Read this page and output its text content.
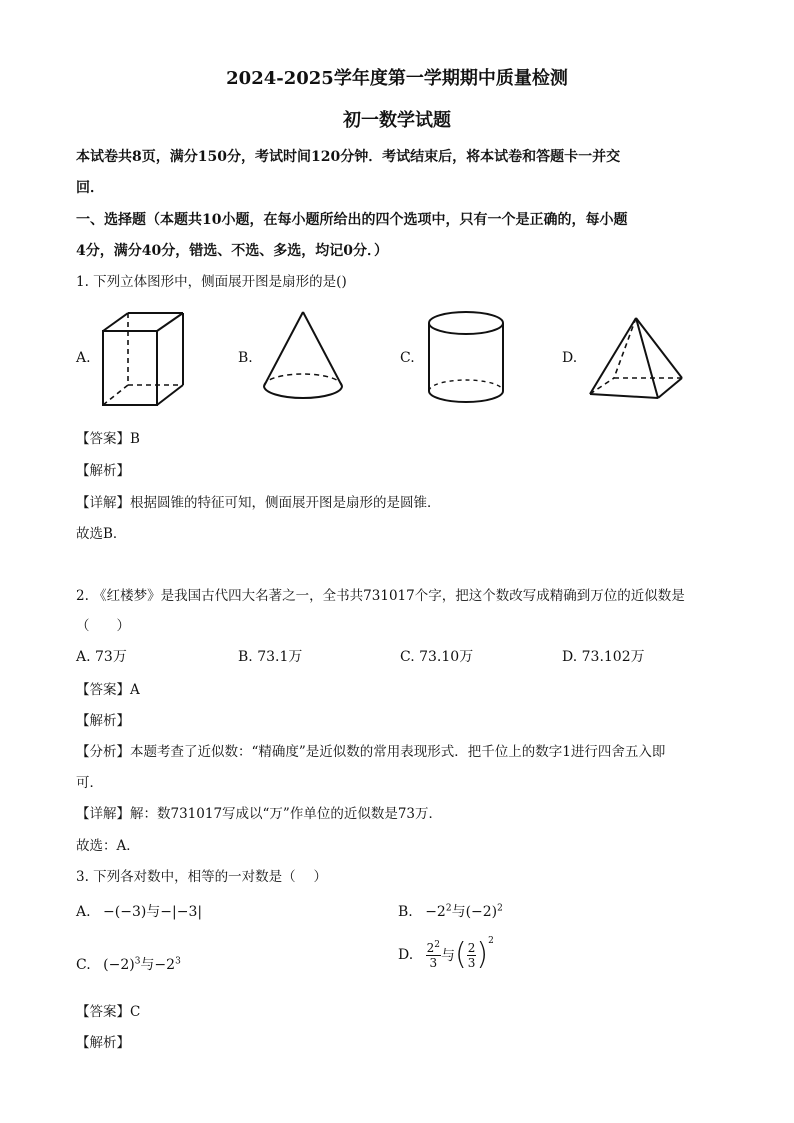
2024-2025学年度第一学期期中质量检测
初一数学试题
本试卷共8页，满分150分，考试时间120分钟．考试结束后，将本试卷和答题卡一并交
回．
一、选择题（本题共10小题，在每小题所给出的四个选项中，只有一个是正确的，每小题
4分，满分40分，错选、不选、多选，均记0分．）
1. 下列立体图形中，侧面展开图是扇形的是()
A.	B.	C.	D.
【答案】B
【解析】
【详解】根据圆锥的特征可知，侧面展开图是扇形的是圆锥．
故选B．
2. 《红楼梦》是我国古代四大名著之一，全书共731017个字，把这个数改写成精确到万位的近似数是
（　　）
A. 73万	B. 73.1万	C. 73.10万	D. 73.102万
【答案】A
【解析】
【分析】本题考查了近似数：“精确度”是近似数的常用表现形式．把千位上的数字1进行四舍五入即
可．
【详解】解：数731017写成以“万”作单位的近似数是73万．
故选：A．
3. 下列各对数中，相等的一对数是（　 ）
A. −(−3)与−|−3|	B. $-2^2$与$(-2)^2$
C. $(-2)^3$与$-2^3$	D. $\frac{2^2}{3}$ 与( $\frac{2}{3} )^2$
【答案】C
【解析】
